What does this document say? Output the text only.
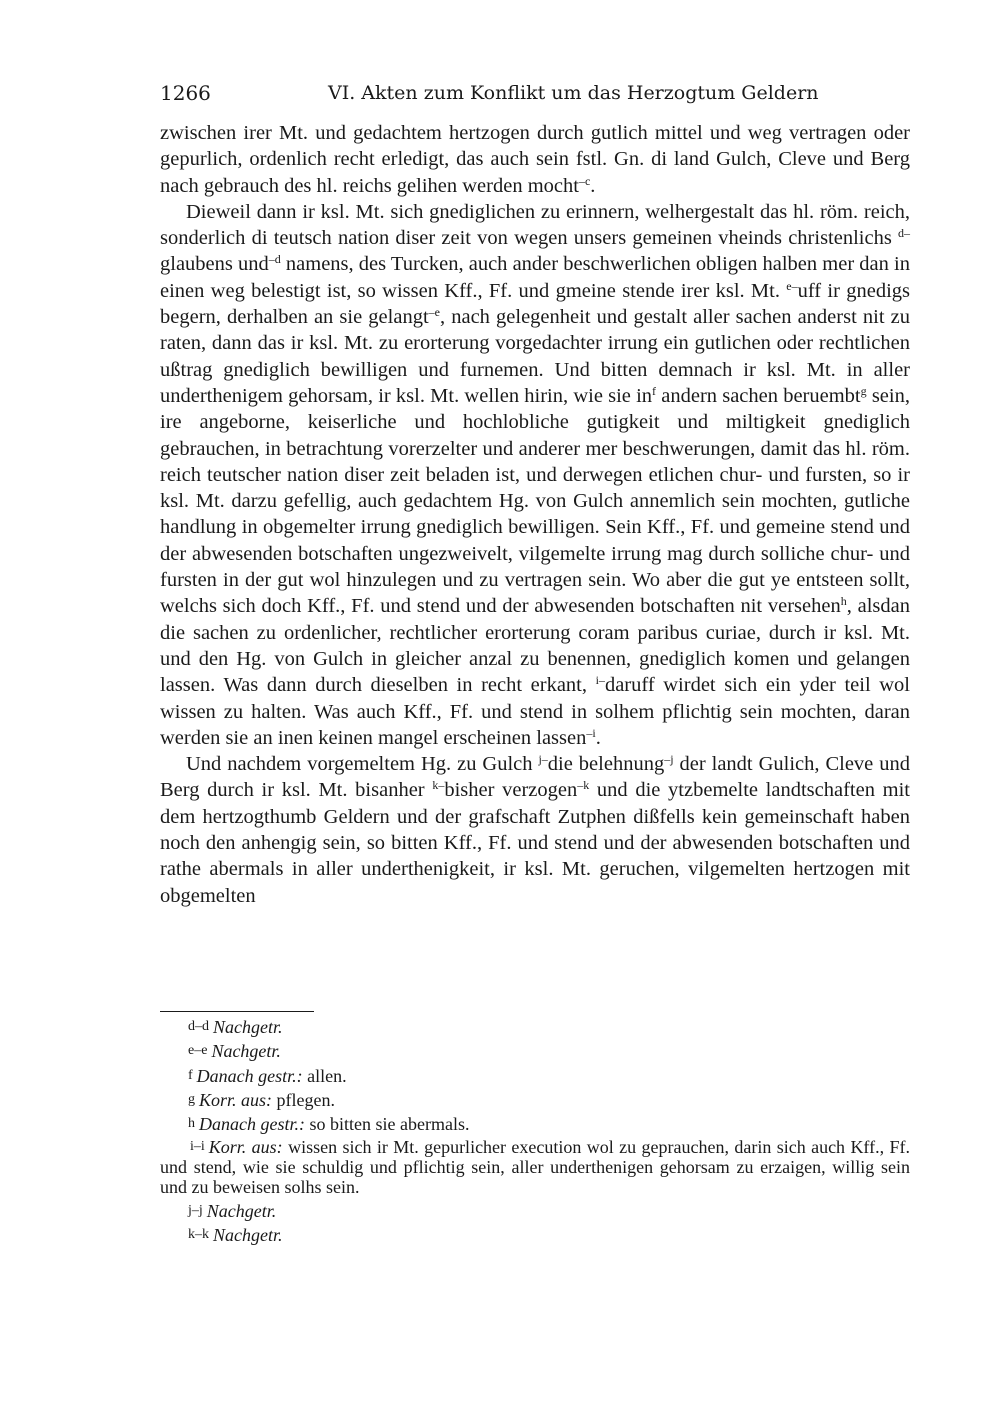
1266	VI. Akten zum Konflikt um das Herzogtum Geldern

zwischen irer Mt. und gedachtem hertzogen durch gutlich mittel und weg vertragen oder gepurlich, ordenlich recht erledigt, das auch sein fstl. Gn. di land Gulch, Cleve und Berg nach gebrauch des hl. reichs gelihen werden mocht$^{-c}$.

Dieweil dann ir ksl. Mt. sich gnediglichen zu erinnern, welhergestalt das hl. röm. reich, sonderlich di teutsch nation diser zeit von wegen unsers gemeinen vheinds christenlichs $^{d-}$glaubens und$^{-d}$ namens, des Turcken, auch ander beschwerlichen obligen halben mer dan in einen weg belestigt ist, so wissen Kff., Ff. und gmeine stende irer ksl. Mt. $^{e-}$uff ir gnedigs begern, derhalben an sie gelangt$^{-e}$, nach gelegenheit und gestalt aller sachen anderst nit zu raten, dann das ir ksl. Mt. zu erorterung vorgedachter irrung ein gutlichen oder rechtlichen ußtrag gnediglich bewilligen und furnemen. Und bitten demnach ir ksl. Mt. in aller underthenigem gehorsam, ir ksl. Mt. wellen hirin, wie sie in$^f$ andern sachen beruembt$^g$ sein, ire angeborne, keiserliche und hochlobliche gutigkeit und miltigkeit gnediglich gebrauchen, in betrachtung vorerzelter und anderer mer beschwerungen, damit das hl. röm. reich teutscher nation diser zeit beladen ist, und derwegen etlichen chur- und fursten, so ir ksl. Mt. darzu gefellig, auch gedachtem Hg. von Gulch annemlich sein mochten, gutliche handlung in obgemelter irrung gnediglich bewilligen. Sein Kff., Ff. und gemeine stend und der abwesenden botschaften ungezweivelt, vilgemelte irrung mag durch solliche chur- und fursten in der gut wol hinzulegen und zu vertragen sein. Wo aber die gut ye entsteen sollt, welchs sich doch Kff., Ff. und stend und der abwesenden botschaften nit versehen$^h$, alsdan die sachen zu ordenlicher, rechtlicher erorterung coram paribus curiae, durch ir ksl. Mt. und den Hg. von Gulch in gleicher anzal zu benennen, gnediglich komen und gelangen lassen. Was dann durch dieselben in recht erkant, $^{i-}$daruff wirdet sich ein yder teil wol wissen zu halten. Was auch Kff., Ff. und stend in solhem pflichtig sein mochten, daran werden sie an inen keinen mangel erscheinen lassen$^{-i}$.

Und nachdem vorgemeltem Hg. zu Gulch $^{j-}$die belehnung$^{-j}$ der landt Gulich, Cleve und Berg durch ir ksl. Mt. bisanher $^{k-}$bisher verzogen$^{-k}$ und die ytzbemelte landtschaften mit dem hertzogthumb Geldern und der grafschaft Zutphen dißfells kein gemeinschaft haben noch den anhengig sein, so bitten Kff., Ff. und stend und der abwesenden botschaften und rathe abermals in aller underthenigkeit, ir ksl. Mt. geruchen, vilgemelten hertzogen mit obgemelten

d–d Nachgetr.
e–e Nachgetr.
f Danach gestr.: allen.
g Korr. aus: pflegen.
h Danach gestr.: so bitten sie abermals.
i–i Korr. aus: wissen sich ir Mt. gepurlicher execution wol zu geprauchen, darin sich auch Kff., Ff. und stend, wie sie schuldig und pflichtig sein, aller underthenigen gehorsam zu erzaigen, willig sein und zu beweisen solhs sein.
j–j Nachgetr.
k–k Nachgetr.
